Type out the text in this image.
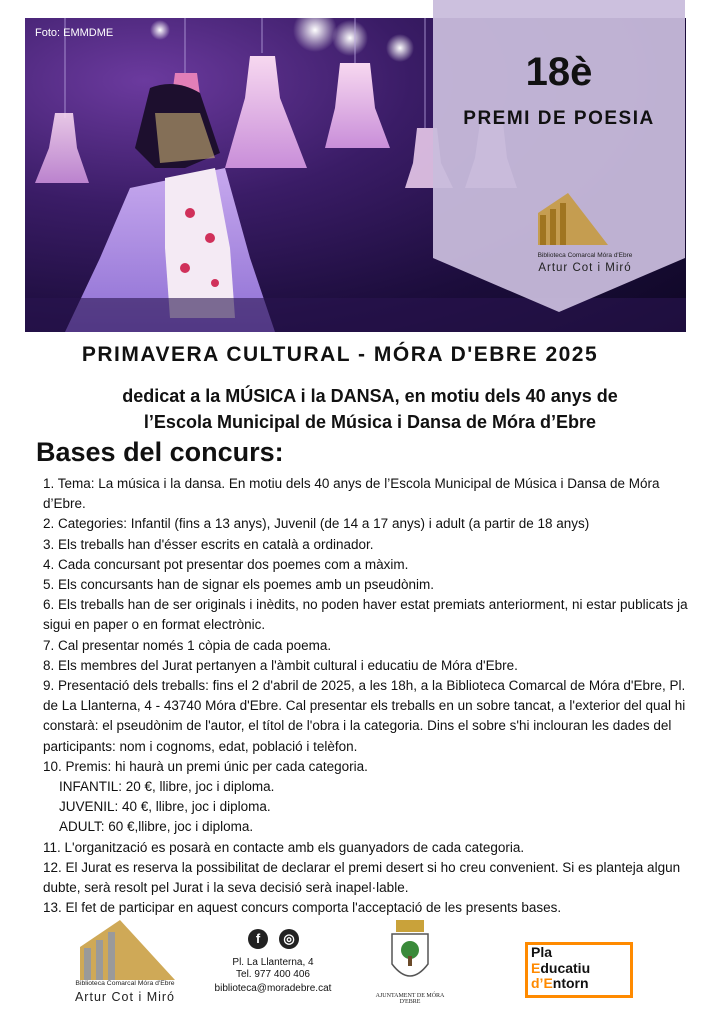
Foto: EMMDME
18è
PREMI DE POESIA
Biblioteca Comarcal Móra d'Ebre
Artur Cot i Miró
PRIMAVERA CULTURAL - MÓRA D'EBRE 2025
dedicat a la MÚSICA i la DANSA, en motiu dels 40 anys de
l’Escola Municipal de Música i Dansa de Móra d’Ebre
Bases del concurs:

1. Tema: La música i la dansa. En motiu dels 40 anys de l’Escola Municipal de Música i Dansa de Móra d’Ebre.

2. Categories: Infantil (fins a 13 anys), Juvenil (de 14 a 17 anys) i adult (a partir de 18 anys)

3. Els treballs han d'ésser escrits en català a ordinador.

4. Cada concursant pot presentar dos poemes com a màxim.

5. Els concursants han de signar els poemes amb un pseudònim.

6. Els treballs han de ser originals i inèdits, no poden haver estat premiats anteriorment, ni estar publicats ja sigui en paper o en format electrònic.

7. Cal presentar només 1 còpia de cada poema.

8. Els membres del Jurat pertanyen a l'àmbit cultural i educatiu de Móra d'Ebre.

9. Presentació dels treballs: fins el 2 d'abril de 2025, a les 18h, a la Biblioteca Comarcal de Móra d'Ebre, Pl. de La Llanterna, 4 - 43740 Móra d'Ebre. Cal presentar els treballs en un sobre tancat, a l'exterior del qual hi constarà: el pseudònim de l'autor, el títol de l'obra i la categoria. Dins el sobre s'hi inclouran les dades del participants: nom i cognoms, edat, població i telèfon.

10. Premis: hi haurà un premi únic per cada categoria.

INFANTIL: 20 €, llibre, joc i diploma.

JUVENIL: 40 €, llibre, joc i diploma.

ADULT: 60 €,llibre, joc i diploma.

11. L'organització es posarà en contacte amb els guanyadors de cada categoria.

12. El Jurat es reserva la possibilitat de declarar el premi desert si ho creu convenient. Si es planteja algun dubte, serà resolt pel Jurat i la seva decisió serà inapel·lable.

13. El fet de participar en aquest concurs comporta l'acceptació de les presents bases.

Biblioteca Comarcal Móra d'Ebre
Artur Cot i Miró
f	◎
Pl. La Llanterna, 4
Tel. 977 400 406
biblioteca@moradebre.cat
AJUNTAMENT DE MÓRA D'EBRE
Pla
Educatiu
d’Entorn
